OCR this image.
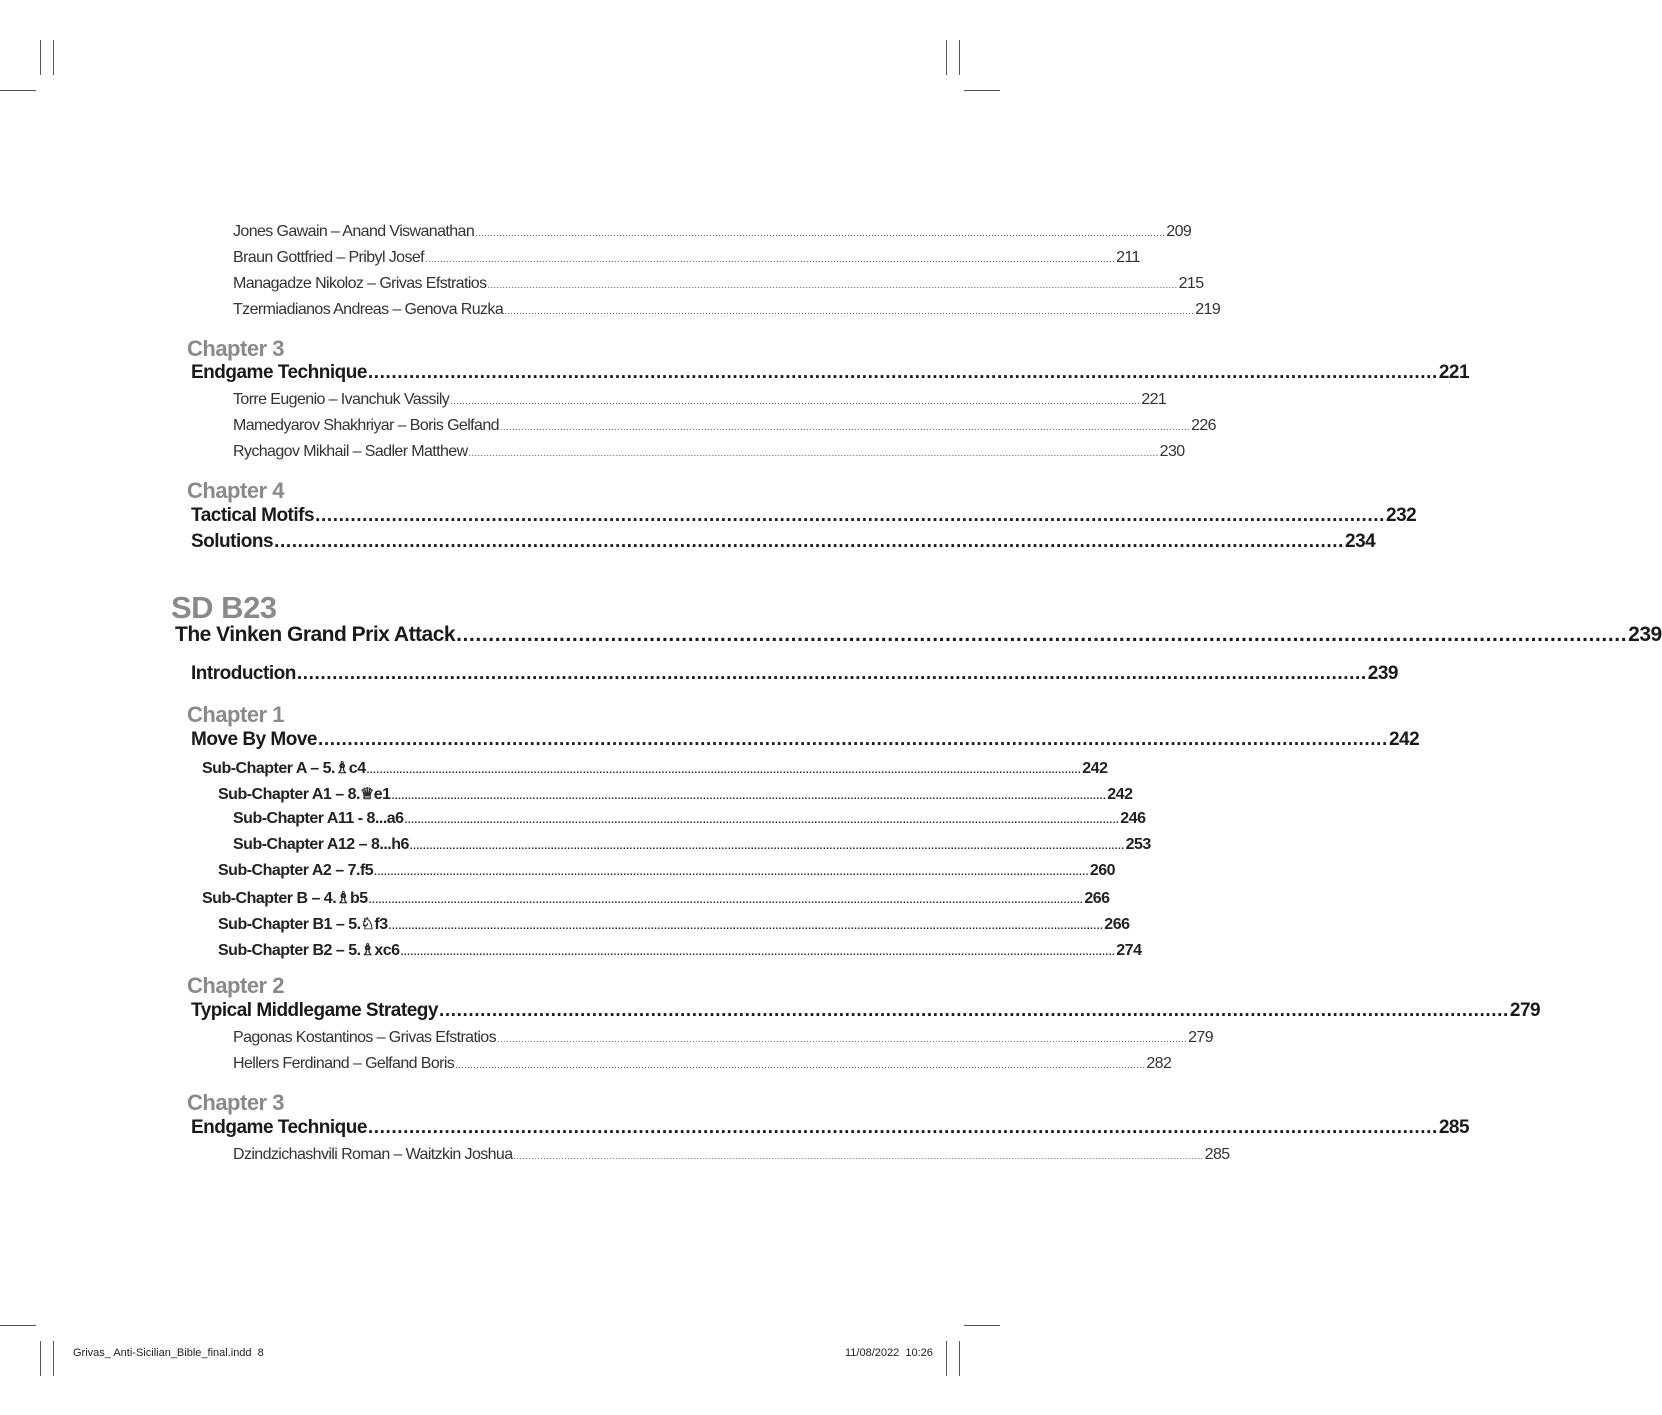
Jones Gawain – Anand Viswanathan ...................................................................................................................................................................................................................................... 209
Braun Gottfried – Pribyl Josef ...................................................................................................................................................................................................................................... 211
Managadze Nikoloz – Grivas Efstratios ...................................................................................................................................................................................................................................... 215
Tzermiadianos Andreas – Genova Ruzka ...................................................................................................................................................................................................................................... 219
Chapter 3
Endgame Technique ...................................................................................................................................................................................... 221
Torre Eugenio – Ivanchuk Vassily ...................................................................................................................................................................................................................................... 221
Mamedyarov Shakhriyar – Boris Gelfand ...................................................................................................................................................................................................................................... 226
Rychagov Mikhail – Sadler Matthew ...................................................................................................................................................................................................................................... 230
Chapter 4
Tactical Motifs ...................................................................................................................................................................................... 232
Solutions ...................................................................................................................................................................................... 234
SD B23
The Vinken Grand Prix Attack ...................................................................................................................................................................................... 239
Introduction ...................................................................................................................................................................................... 239
Chapter 1
Move By Move ...................................................................................................................................................................................... 242
Sub-Chapter A – 5.♗c4 .......................................................................................................................................................................................................................... 242
Sub-Chapter A1 – 8.♕e1 .......................................................................................................................................................................................................................... 242
Sub-Chapter A11 - 8...a6 .......................................................................................................................................................................................................................... 246
Sub-Chapter A12 – 8...h6 .......................................................................................................................................................................................................................... 253
Sub-Chapter A2 – 7.f5 .......................................................................................................................................................................................................................... 260
Sub-Chapter B – 4.♗b5 .......................................................................................................................................................................................................................... 266
Sub-Chapter B1 – 5.♘f3 .......................................................................................................................................................................................................................... 266
Sub-Chapter B2 – 5.♗xc6 .......................................................................................................................................................................................................................... 274
Chapter 2
Typical Middlegame Strategy ...................................................................................................................................................................................... 279
Pagonas Kostantinos – Grivas Efstratios ...................................................................................................................................................................................................................................... 279
Hellers Ferdinand – Gelfand Boris ...................................................................................................................................................................................................................................... 282
Chapter 3
Endgame Technique ...................................................................................................................................................................................... 285
Dzindzichashvili Roman – Waitzkin Joshua ...................................................................................................................................................................................................................................... 285
Grivas_ Anti-Sicilian_Bible_final.indd 8	11/08/2022 10:26
